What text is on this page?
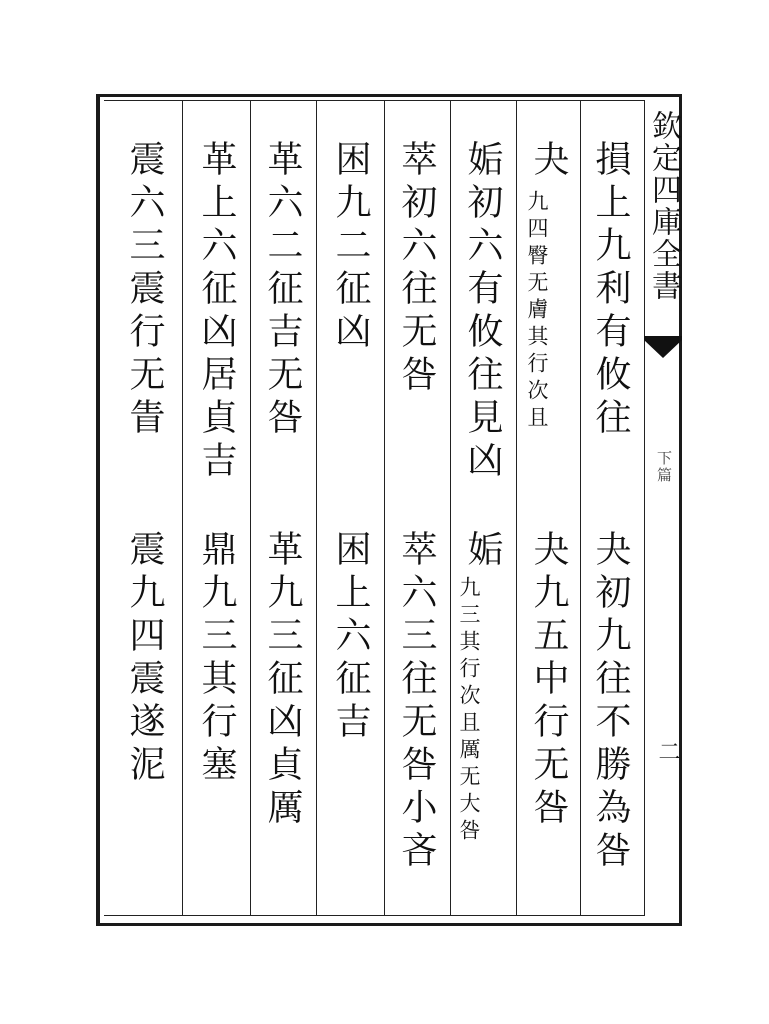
欽定四庫全書
下篇
二
損上九利有攸往
夬初九往不勝為咎
夬
九四臀无膚其行次且
夬九五中行无咎
姤初六有攸往見凶
姤
九三其行次且厲无大咎
萃初六往无咎
萃六三往无咎小吝
困九二征凶
困上六征吉
革六二征吉无咎
革九三征凶貞厲
革上六征凶居貞吉
鼎九三其行塞
震六三震行无眚
震九四震遂泥
